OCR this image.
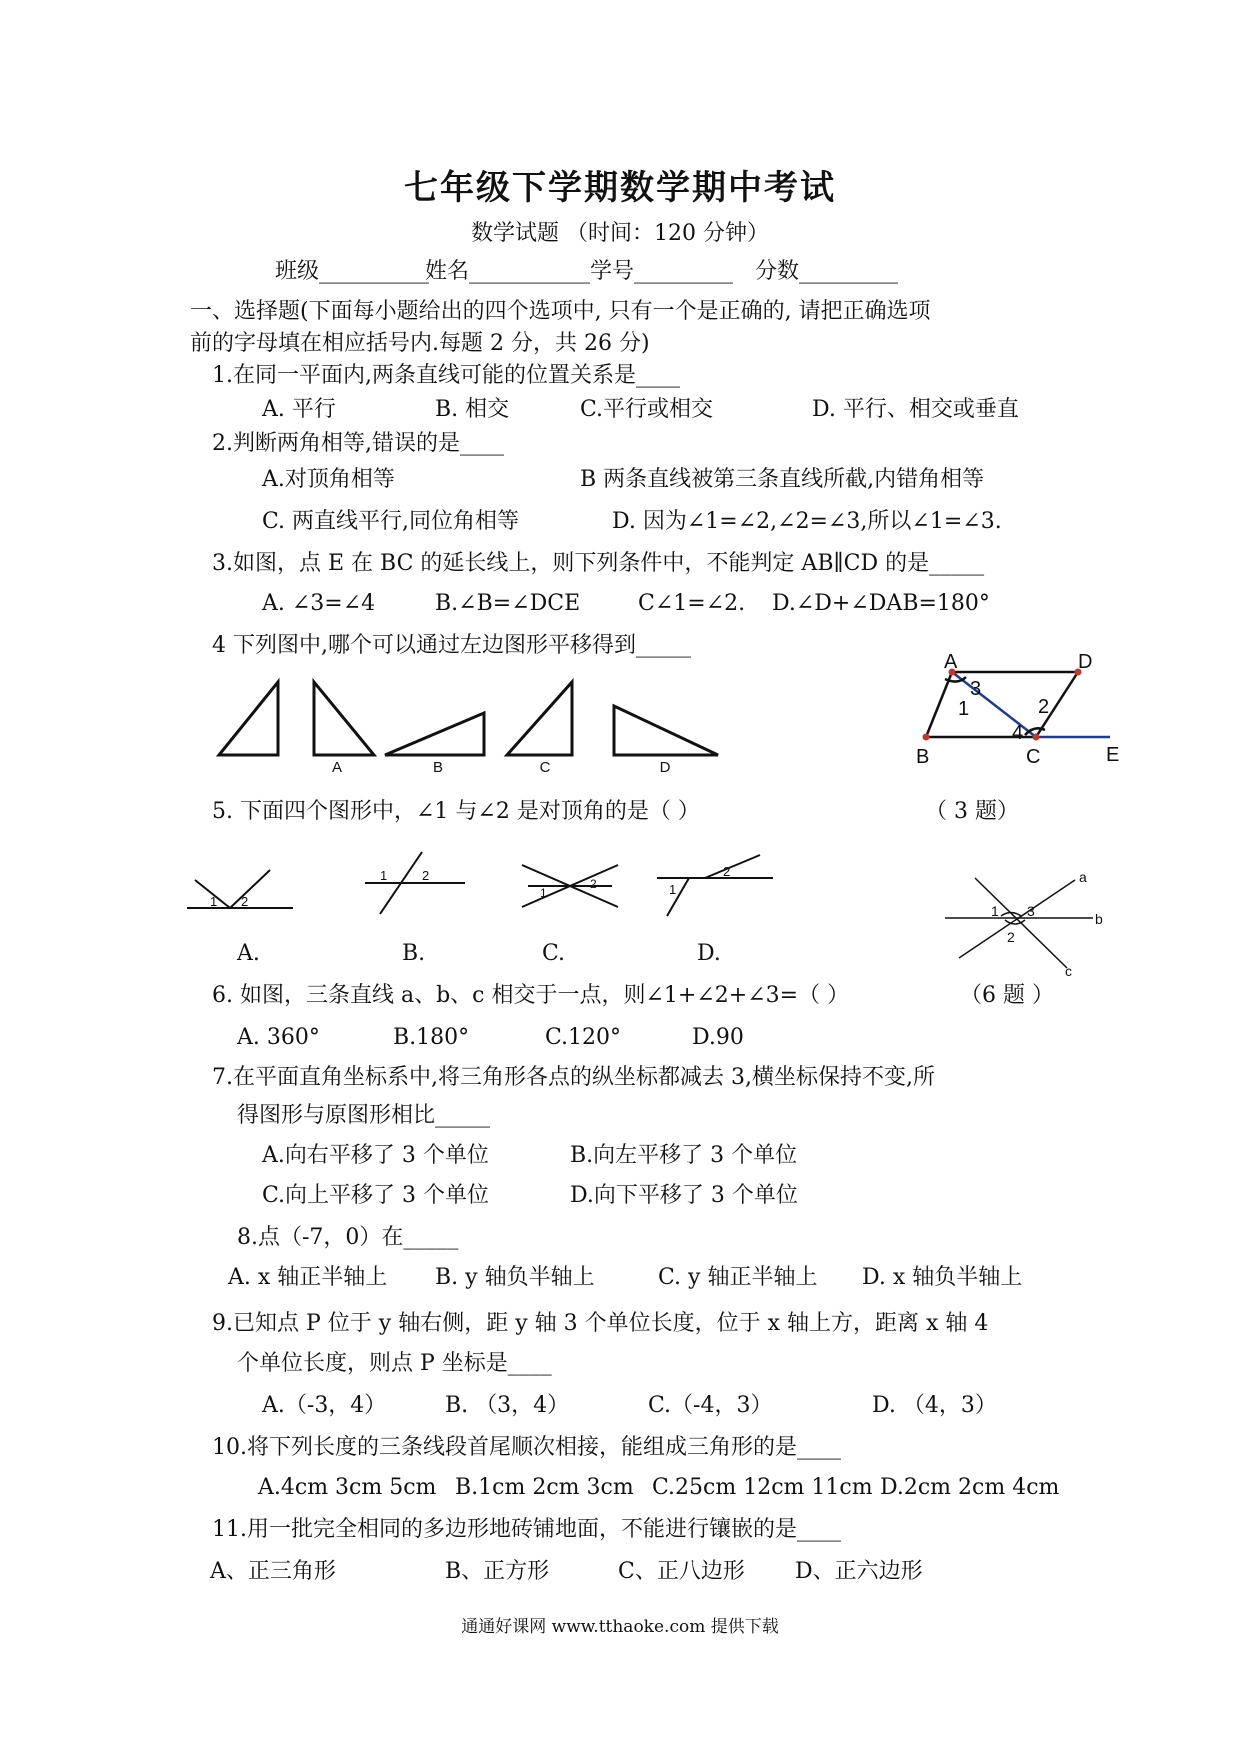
七年级下学期数学期中考试
数学试题 （时间：120 分钟）
班级__________
姓名___________ 学号_________ 分数_________
一、选择题(下面每小题给出的四个选项中, 只有一个是正确的, 请把正确选项
前的字母填在相应括号内.每题 2 分，共 26 分)
1.在同一平面内,两条直线可能的位置关系是____
A. 平行	B. 相交	C.平行或相交	D. 平行、相交或垂直
2.判断两角相等,错误的是____
A.对顶角相等	B 两条直线被第三条直线所截,内错角相等
C. 两直线平行,同位角相等	D. 因为∠1=∠2,∠2=∠3,所以∠1=∠3.
3.如图，点 E 在 BC 的延长线上，则下列条件中，不能判定 AB∥CD 的是_____
A. ∠3=∠4	B.∠B=∠DCE	C∠1=∠2. D.∠D+∠DAB=180°
4 下列图中,哪个可以通过左边图形平移得到_____
A	B	C	D
A	D
B	C	E
1	2
3
4
（ 3 题）
5. 下面四个图形中，∠1 与∠2 是对顶角的是（ ）
1 2
1	2
1
2	1
2
A.	B.	C.	D.
a
b
c
1 3
2
6. 如图，三条直线 a、b、c 相交于一点，则∠1+∠2+∠3=（ ）	（6 题 ）
A. 360°	B.180°	C.120°	D.90
7.在平面直角坐标系中,将三角形各点的纵坐标都减去 3,横坐标保持不变,所
得图形与原图形相比_____
A.向右平移了 3 个单位	B.向左平移了 3 个单位
C.向上平移了 3 个单位	D.向下平移了 3 个单位
8.点（-7，0）在_____
A. x 轴正半轴上 B. y 轴负半轴上	C. y 轴正半轴上 D. x 轴负半轴上
9.已知点 P 位于 y 轴右侧，距 y 轴 3 个单位长度，位于 x 轴上方，距离 x 轴 4
个单位长度，则点 P 坐标是____
A.（-3，4）	B. （3，4）	C.（-4，3）	D. （4，3）
10.将下列长度的三条线段首尾顺次相接，能组成三角形的是____
A.4cm 3cm 5cm B.1cm 2cm 3cm C.25cm 12cm 11cm D.2cm 2cm 4cm
11.用一批完全相同的多边形地砖铺地面，不能进行镶嵌的是____
A、正三角形	B、正方形	C、正八边形 D、正六边形
通通好课网 www.tthaoke.com 提供下载
